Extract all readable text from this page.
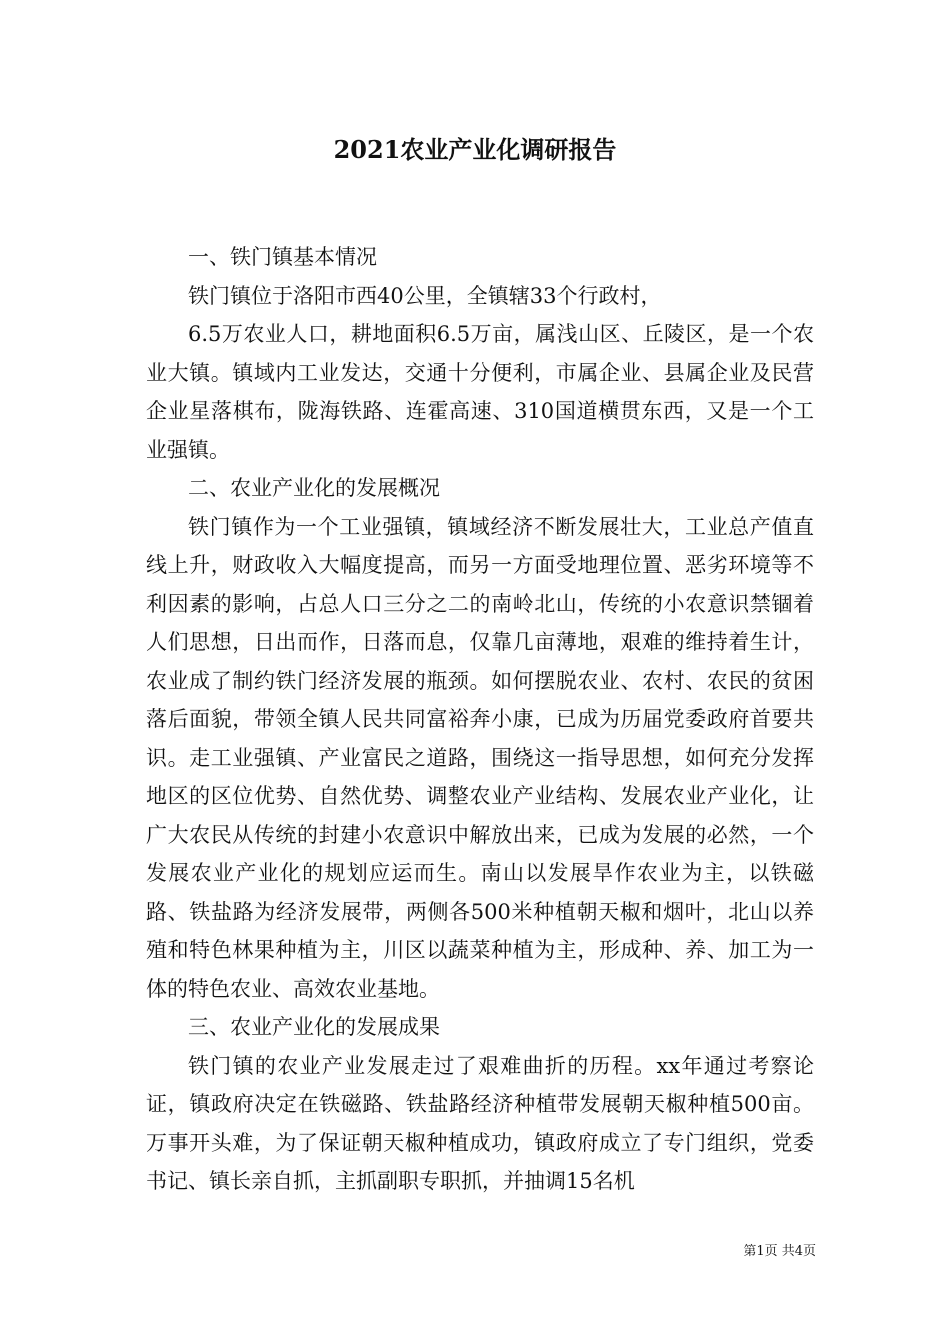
2021农业产业化调研报告

一、铁门镇基本情况

铁门镇位于洛阳市西40公里，全镇辖33个行政村，

6.5万农业人口，耕地面积6.5万亩，属浅山区、丘陵区，是一个农业大镇。镇域内工业发达，交通十分便利，市属企业、县属企业及民营企业星落棋布，陇海铁路、连霍高速、310国道横贯东西，又是一个工业强镇。

二、农业产业化的发展概况

铁门镇作为一个工业强镇，镇域经济不断发展壮大，工业总产值直线上升，财政收入大幅度提高，而另一方面受地理位置、恶劣环境等不利因素的影响，占总人口三分之二的南岭北山，传统的小农意识禁锢着人们思想，日出而作，日落而息，仅靠几亩薄地，艰难的维持着生计，农业成了制约铁门经济发展的瓶颈。如何摆脱农业、农村、农民的贫困落后面貌，带领全镇人民共同富裕奔小康，已成为历届党委政府首要共识。走工业强镇、产业富民之道路，围绕这一指导思想，如何充分发挥地区的区位优势、自然优势、调整农业产业结构、发展农业产业化，让广大农民从传统的封建小农意识中解放出来，已成为发展的必然，一个发展农业产业化的规划应运而生。南山以发展旱作农业为主，以铁磁路、铁盐路为经济发展带，两侧各500米种植朝天椒和烟叶，北山以养殖和特色林果种植为主，川区以蔬菜种植为主，形成种、养、加工为一体的特色农业、高效农业基地。

三、农业产业化的发展成果

铁门镇的农业产业发展走过了艰难曲折的历程。xx年通过考察论证，镇政府决定在铁磁路、铁盐路经济种植带发展朝天椒种植500亩。万事开头难，为了保证朝天椒种植成功，镇政府成立了专门组织，党委书记、镇长亲自抓，主抓副职专职抓，并抽调15名机

第1页 共4页
